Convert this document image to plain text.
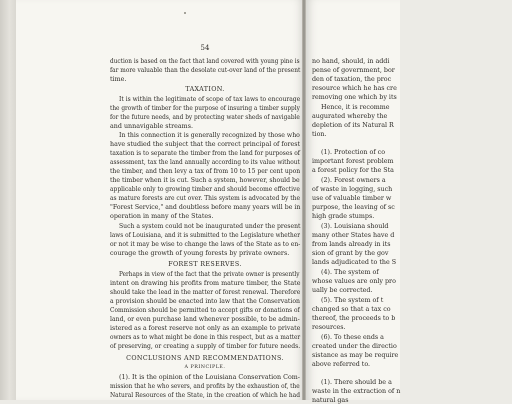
54
duction is based on the fact that land covered with young pine is
far more valuable than the desolate cut-over land of the present
time.
TAXATION.
It is within the legitimate of scope of tax laws to encourage
the growth of timber for the purpose of insuring a timber supply
for the future needs, and by protecting water sheds of navigable
and unnavigable streams.
In this connection it is generally recognized by those who
have studied the subject that the correct principal of forest
taxation is to separate the timber from the land for purposes of
assessment, tax the land annually according to its value without
the timber, and then levy a tax of from 10 to 15 per cent upon
the timber when it is cut. Such a system, however, should be
applicable only to growing timber and should become effective
as mature forests are cut over. This system is advocated by the
"Forest Service," and doubtless before many years will be in
operation in many of the States.
Such a system could not be inaugurated under the present
laws of Louisiana, and it is submitted to the Legislature whether
or not it may be wise to change the laws of the State as to en-
courage the growth of young forests by private owners.
FOREST RESERVES.
Perhaps in view of the fact that the private owner is presently
intent on drawing his profits from mature timber, the State
should take the lead in the matter of forest renewal. Therefore
a provision should be enacted into law that the Conservation
Commission should be permitted to accept gifts or donations of
land, or even purchase land whenever possible, to be admin-
istered as a forest reserve not only as an example to private
owners as to what might be done in this respect, but as a matter
of preserving, or creating a supply of timber for future needs.
CONCLUSIONS AND RECOMMENDATIONS.
A PRINCIPLE.
(1). It is the opinion of the Louisiana Conservation Com-
mission that he who severs, and profits by the exhaustion of, the
Natural Resources of the State, in the creation of which he had
no hand, should, in addi
pense of government, bor
den of taxation, the proc
resource which he has cre
removing one which by its
Hence, it is recomme
augurated whereby the
depletion of its Natural R
tion.
(1). Protection of co
important forest problem
a forest policy for the Sta
(2). Forest owners a
of waste in logging, such
use of valuable timber w
purpose, the leaving of sc
high grade stumps.
(3). Louisiana should
many other States have d
from lands already in its
sion of grant by the gov
lands adjudicated to the S
(4). The system of
whose values are only pro
ually be corrected.
(5). The system of t
changed so that a tax co
thereof, the proceeds to b
resources.
(6). To these ends a
created under the directio
sistance as may be require
above referred to.
(1). There should be a
waste in the extraction of n
natural gas
